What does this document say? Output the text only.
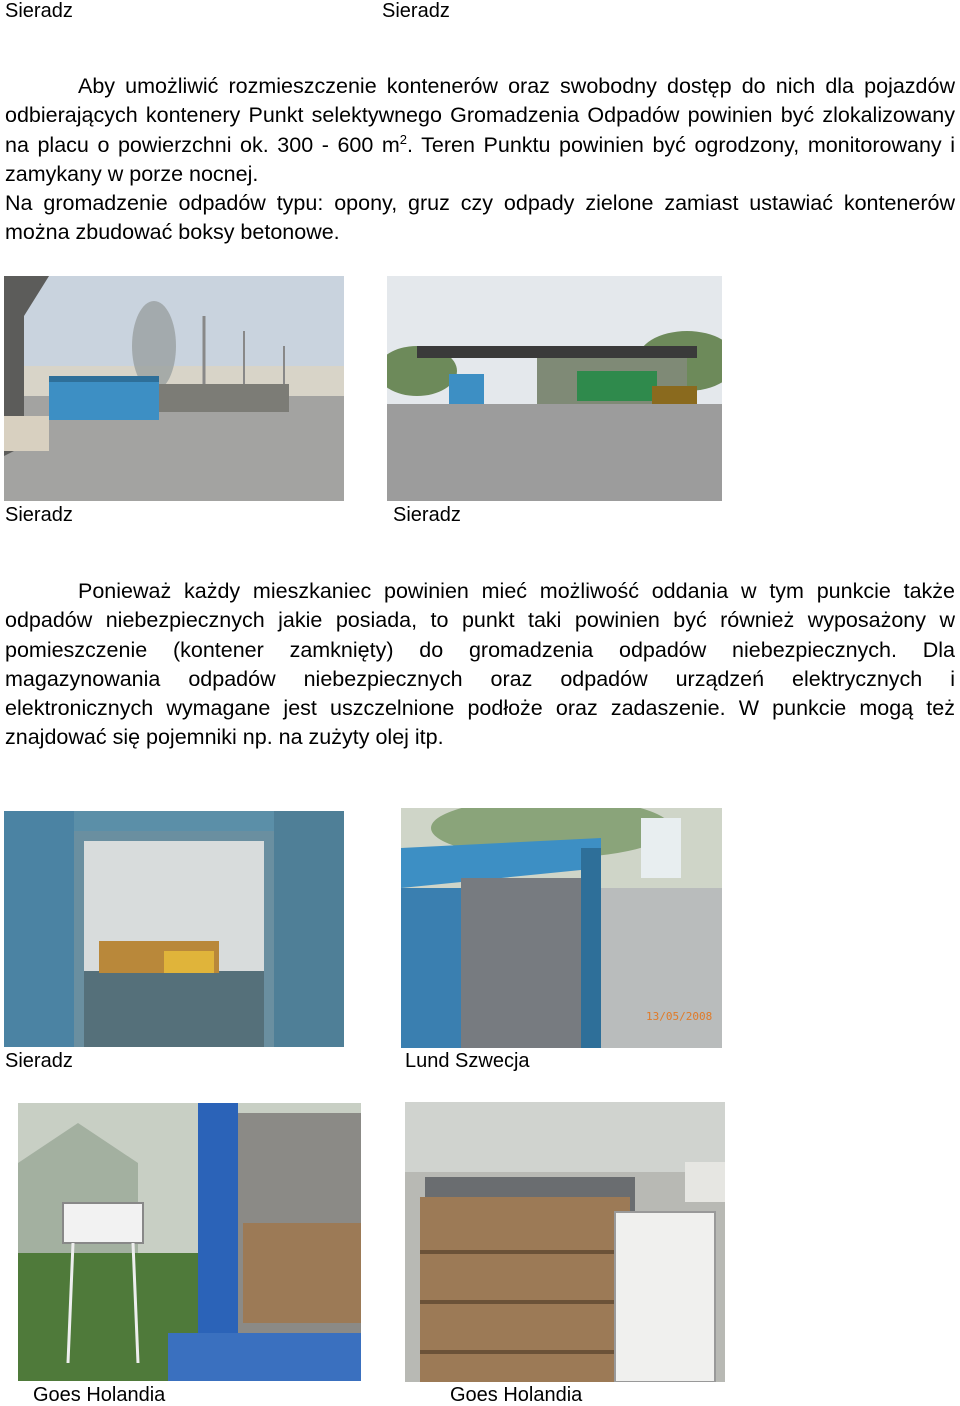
Sieradz	Sieradz

Aby umożliwić rozmieszczenie kontenerów oraz swobodny dostęp do nich dla pojazdów odbierających kontenery Punkt selektywnego Gromadzenia Odpadów powinien być zlokalizowany na placu o powierzchni ok. 300 - 600 $m^2$. Teren Punktu powinien być ogrodzony, monitorowany i zamykany w porze nocnej.

Na gromadzenie odpadów typu: opony, gruz czy odpady zielone zamiast ustawiać kontenerów można zbudować boksy betonowe.

Sieradz	Sieradz

Ponieważ każdy mieszkaniec powinien mieć możliwość oddania w tym punkcie także odpadów niebezpiecznych jakie posiada, to punkt taki powinien być również wyposażony w pomieszczenie (kontener zamknięty) do gromadzenia odpadów niebezpiecznych. Dla magazynowania odpadów niebezpiecznych oraz odpadów urządzeń elektrycznych i elektronicznych wymagane jest uszczelnione podłoże oraz zadaszenie. W punkcie mogą też znajdować się pojemniki np. na zużyty olej itp.

13/05/2008
Sieradz	Lund Szwecja
Goes Holandia	Goes Holandia
